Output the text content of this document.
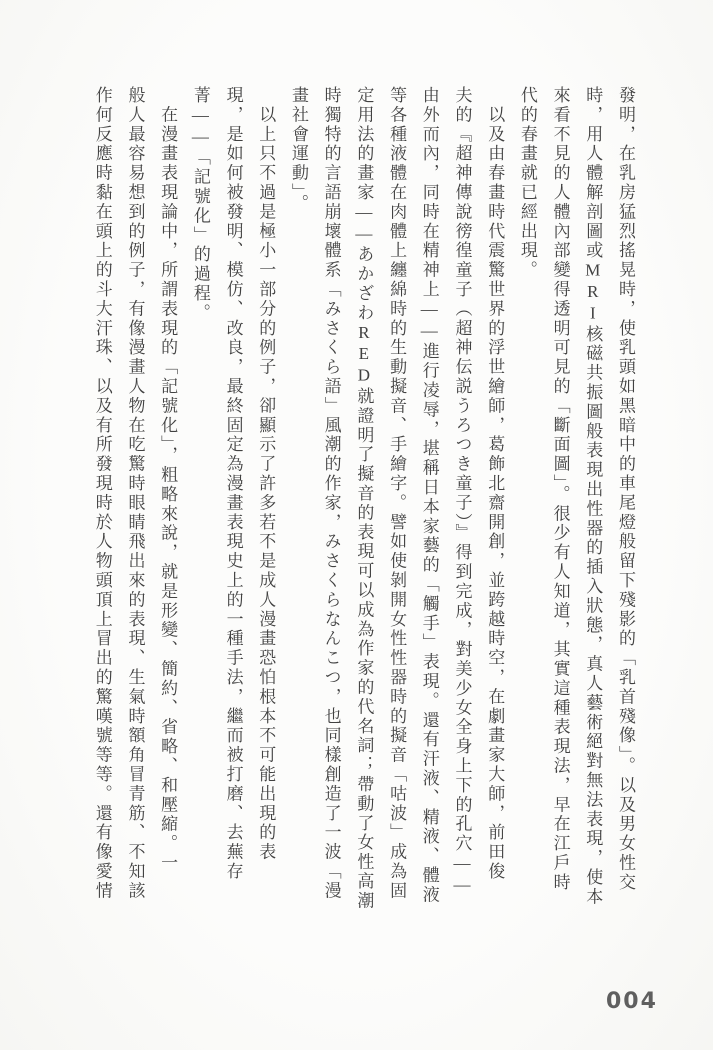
發明，在乳房猛烈搖晃時，使乳頭如黑暗中的車尾燈般留下殘影的「乳首殘像」。以及男女性交
時，用人體解剖圖或MRI核磁共振圖般表現出性器的插入狀態，真人藝術絕對無法表現，使本
來看不見的人體內部變得透明可見的「斷面圖」。很少有人知道，其實這種表現法，早在江戶時
代的春畫就已經出現。
　以及由春畫時代震驚世界的浮世繪師，葛飾北齋開創，並跨越時空，在劇畫家大師，前田俊
夫的『超神傳說徬徨童子（超神伝説うろつき童子）』得到完成，對美少女全身上下的孔穴——
由外而內，同時在精神上——進行凌辱，堪稱日本家藝的「觸手」表現。還有汗液、精液、體液
等各種液體在肉體上纏綿時的生動擬音、手繪字。譬如使剝開女性性器時的擬音「咕波」成為固
定用法的畫家——あかざわRED就證明了擬音的表現可以成為作家的代名詞；帶動了女性高潮
時獨特的言語崩壞體系「みさくら語」風潮的作家，みさくらなんこつ，也同樣創造了一波「漫
畫社會運動」。
　以上只不過是極小一部分的例子，卻顯示了許多若不是成人漫畫恐怕根本不可能出現的表
現，是如何被發明、模仿、改良，最終固定為漫畫表現史上的一種手法，繼而被打磨、去蕪存
菁——「記號化」的過程。
　在漫畫表現論中，所謂表現的「記號化」，粗略來說，就是形變、簡約、省略、和壓縮。一
般人最容易想到的例子，有像漫畫人物在吃驚時眼睛飛出來的表現、生氣時額角冒青筋、不知該
作何反應時黏在頭上的斗大汗珠、以及有所發現時於人物頭頂上冒出的驚嘆號等等。還有像愛情
004
